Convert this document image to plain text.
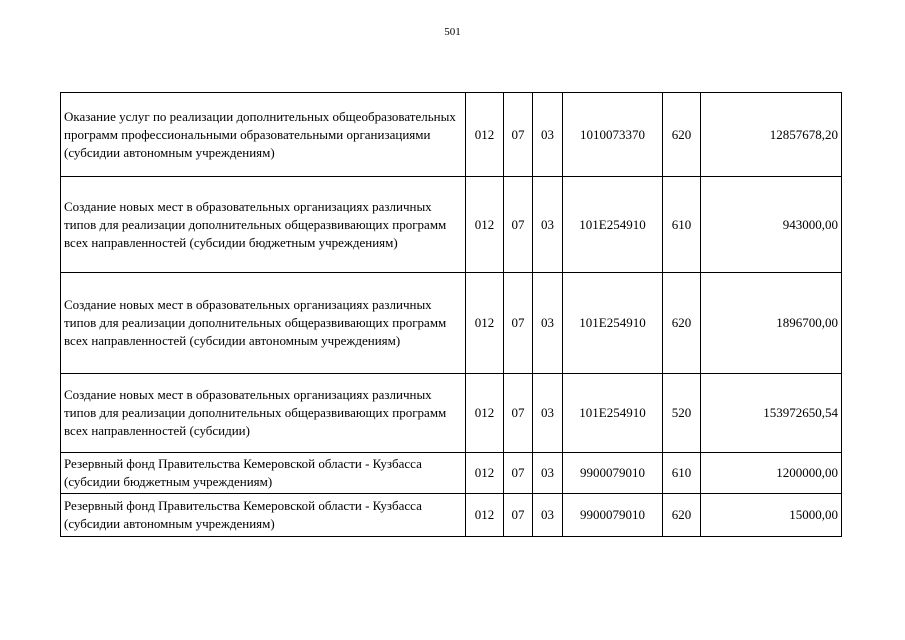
501
Оказание услуг по реализации дополнительных общеобразовательных программ профессиональными образовательными организациями (субсидии автономным учреждениям)	012	07	03	1010073370	620	12857678,20
Создание новых мест в образовательных организациях различных типов для реализации дополнительных общеразвивающих программ всех направленностей (субсидии бюджетным учреждениям)	012	07	03	101E254910	610	943000,00
Создание новых мест в образовательных организациях различных типов для реализации дополнительных общеразвивающих программ всех направленностей (субсидии автономным учреждениям)	012	07	03	101E254910	620	1896700,00
Создание новых мест в образовательных организациях различных типов для реализации дополнительных общеразвивающих программ всех направленностей (субсидии)	012	07	03	101E254910	520	153972650,54
Резервный фонд Правительства Кемеровской области - Кузбасса (субсидии бюджетным учреждениям)	012	07	03	9900079010	610	1200000,00
Резервный фонд Правительства Кемеровской области - Кузбасса (субсидии автономным учреждениям)	012	07	03	9900079010	620	15000,00
